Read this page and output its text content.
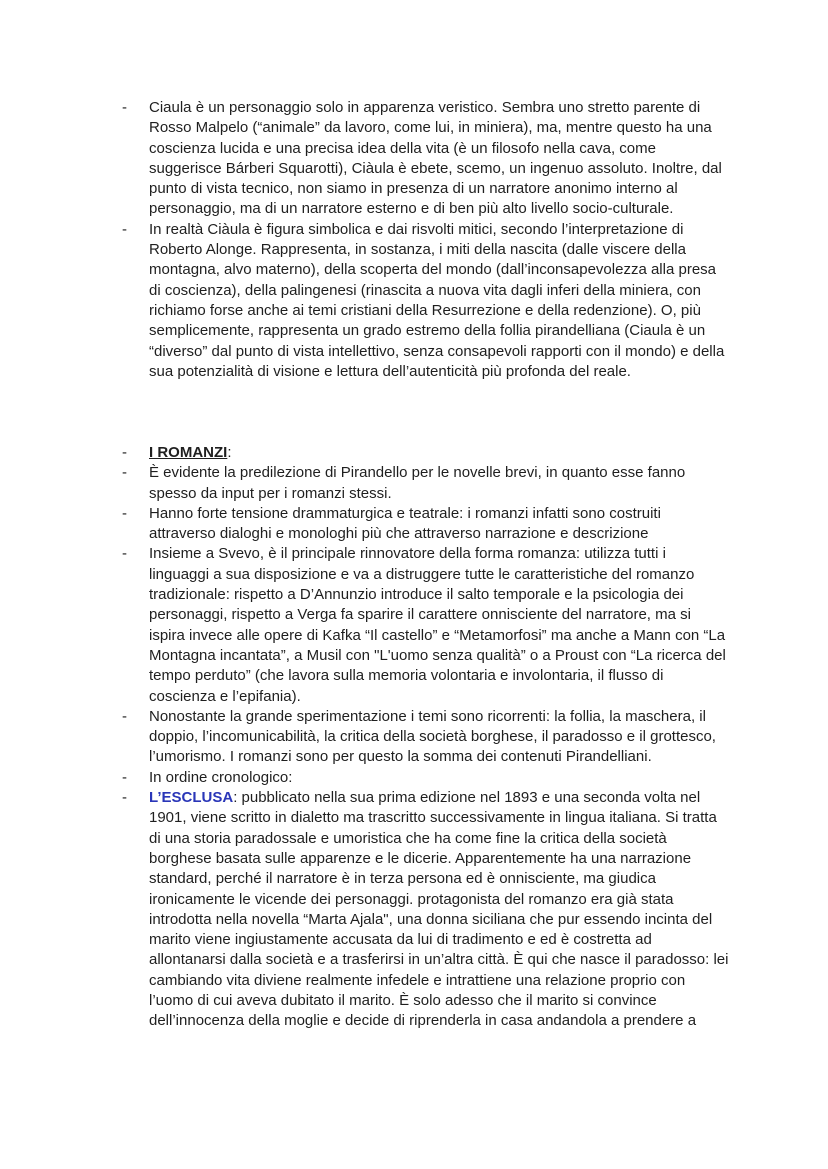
- Ciaula è un personaggio solo in apparenza veristico. Sembra uno stretto parente di Rosso Malpelo (“animale” da lavoro, come lui, in miniera), ma, mentre questo ha una coscienza lucida e una precisa idea della vita (è un filosofo nella cava, come suggerisce Bárberi Squarotti), Ciàula è ebete, scemo, un ingenuo assoluto. Inoltre, dal punto di vista tecnico, non siamo in presenza di un narratore anonimo interno al personaggio, ma di un narratore esterno e di ben più alto livello socio-culturale.
- In realtà Ciàula è figura simbolica e dai risvolti mitici, secondo l’interpretazione di Roberto Alonge. Rappresenta, in sostanza, i miti della nascita (dalle viscere della montagna, alvo materno), della scoperta del mondo (dall’inconsapevolezza alla presa di coscienza), della palingenesi (rinascita a nuova vita dagli inferi della miniera, con richiamo forse anche ai temi cristiani della Resurrezione e della redenzione). O, più semplicemente, rappresenta un grado estremo della follia pirandelliana (Ciaula è un “diverso” dal punto di vista intellettivo, senza consapevoli rapporti con il mondo) e della sua potenzialità di visione e lettura dell’autenticità più profonda del reale.
- I ROMANZI:
- È evidente la predilezione di Pirandello per le novelle brevi, in quanto esse fanno spesso da input per i romanzi stessi.
- Hanno forte tensione drammaturgica e teatrale: i romanzi infatti sono costruiti attraverso dialoghi e monologhi più che attraverso narrazione e descrizione
- Insieme a Svevo, è il principale rinnovatore della forma romanza: utilizza tutti i linguaggi a sua disposizione e va a distruggere tutte le caratteristiche del romanzo tradizionale: rispetto a D’Annunzio introduce il salto temporale e la psicologia dei personaggi, rispetto a Verga fa sparire il carattere onnisciente del narratore, ma si ispira invece alle opere di Kafka “Il castello” e “Metamorfosi” ma anche a Mann con “La Montagna incantata”, a Musil con "L'uomo senza qualità” o a Proust con “La ricerca del tempo perduto” (che lavora sulla memoria volontaria e involontaria, il flusso di coscienza e l’epifania).
- Nonostante la grande sperimentazione i temi sono ricorrenti: la follia, la maschera, il doppio, l’incomunicabilità, la critica della società borghese, il paradosso e il grottesco, l’umorismo. I romanzi sono per questo la somma dei contenuti Pirandelliani.
- In ordine cronologico:
- L’ESCLUSA: pubblicato nella sua prima edizione nel 1893 e una seconda volta nel 1901, viene scritto in dialetto ma trascritto successivamente in lingua italiana. Si tratta di una storia paradossale e umoristica che ha come fine la critica della società borghese basata sulle apparenze e le dicerie. Apparentemente ha una narrazione standard, perché il narratore è in terza persona ed è onnisciente, ma giudica ironicamente le vicende dei personaggi. protagonista del romanzo era già stata introdotta nella novella “Marta Ajala", una donna siciliana che pur essendo incinta del marito viene ingiustamente accusata da lui di tradimento e ed è costretta ad allontanarsi dalla società e a trasferirsi in un’altra città. È qui che nasce il paradosso: lei cambiando vita diviene realmente infedele e intrattiene una relazione proprio con l’uomo di cui aveva dubitato il marito. È solo adesso che il marito si convince dell’innocenza della moglie e decide di riprenderla in casa andandola a prendere a
